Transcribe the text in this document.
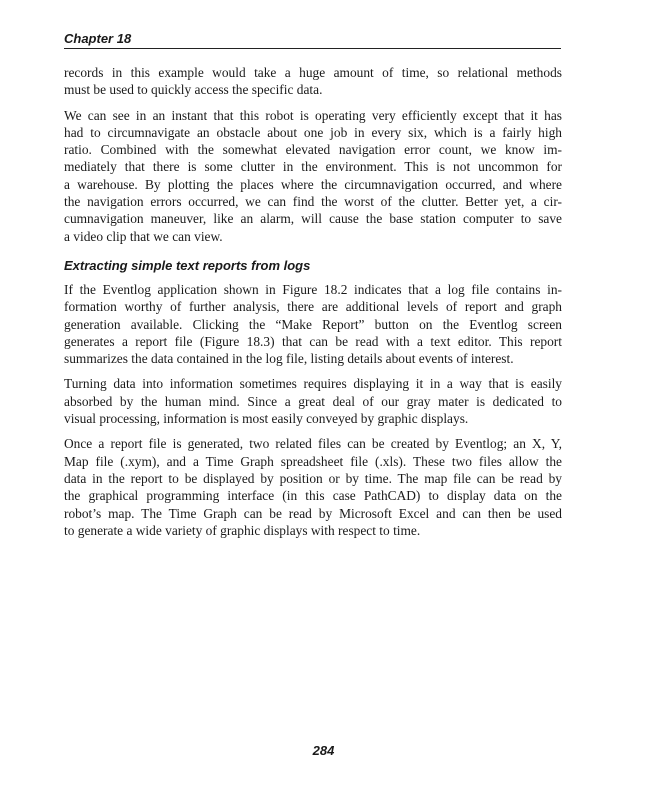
Chapter 18

records in this example would take a huge amount of time, so relational methods
must be used to quickly access the specific data.

We can see in an instant that this robot is operating very efficiently except that it has
had to circumnavigate an obstacle about one job in every six, which is a fairly high
ratio. Combined with the somewhat elevated navigation error count, we know im-
mediately that there is some clutter in the environment. This is not uncommon for
a warehouse. By plotting the places where the circumnavigation occurred, and where
the navigation errors occurred, we can find the worst of the clutter. Better yet, a cir-
cumnavigation maneuver, like an alarm, will cause the base station computer to save
a video clip that we can view.

Extracting simple text reports from logs

If the Eventlog application shown in Figure 18.2 indicates that a log file contains in-
formation worthy of further analysis, there are additional levels of report and graph
generation available. Clicking the “Make Report” button on the Eventlog screen
generates a report file (Figure 18.3) that can be read with a text editor. This report
summarizes the data contained in the log file, listing details about events of interest.

Turning data into information sometimes requires displaying it in a way that is easily
absorbed by the human mind. Since a great deal of our gray mater is dedicated to
visual processing, information is most easily conveyed by graphic displays.

Once a report file is generated, two related files can be created by Eventlog; an X, Y,
Map file (.xym), and a Time Graph spreadsheet file (.xls). These two files allow the
data in the report to be displayed by position or by time. The map file can be read by
the graphical programming interface (in this case PathCAD) to display data on the
robot’s map. The Time Graph can be read by Microsoft Excel and can then be used
to generate a wide variety of graphic displays with respect to time.

284
